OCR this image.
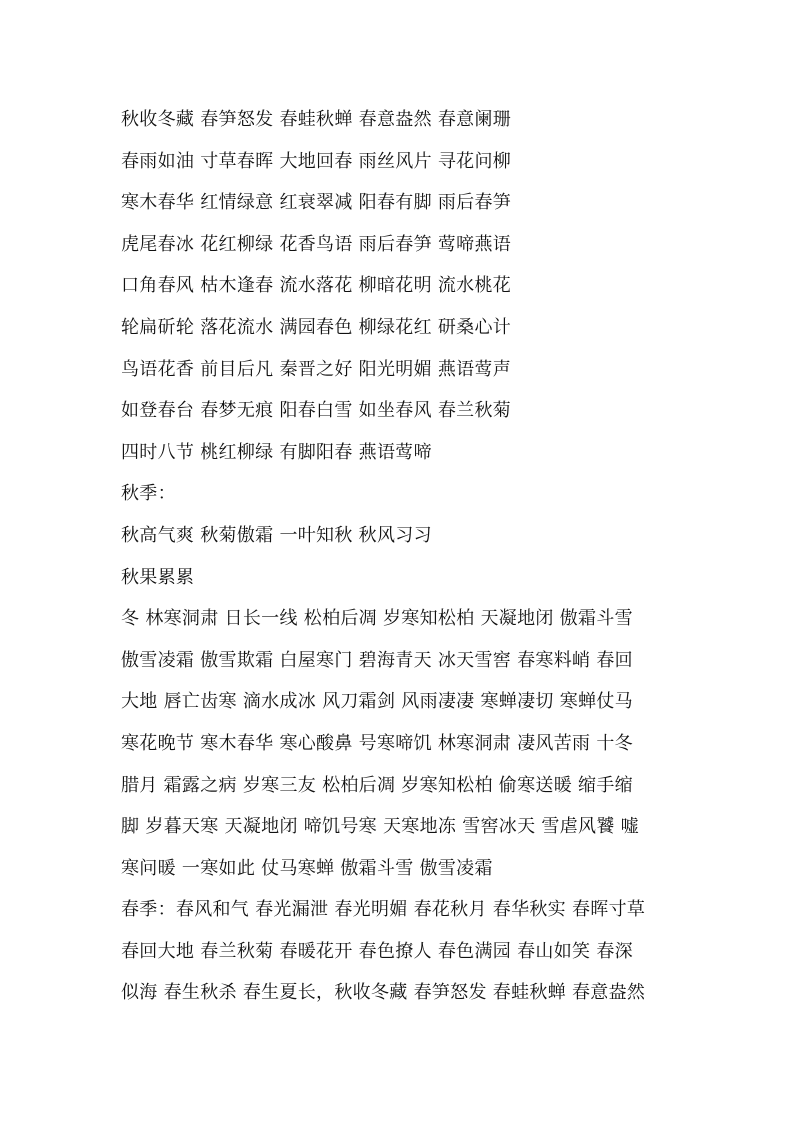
秋收冬藏 春笋怒发 春蛙秋蝉 春意盎然 春意阑珊
春雨如油 寸草春晖 大地回春 雨丝风片 寻花问柳
寒木春华 红情绿意 红衰翠减 阳春有脚 雨后春笋
虎尾春冰 花红柳绿 花香鸟语 雨后春笋 莺啼燕语
口角春风 枯木逢春 流水落花 柳暗花明 流水桃花
轮扁斫轮 落花流水 满园春色 柳绿花红 研桑心计
鸟语花香 前目后凡 秦晋之好 阳光明媚 燕语莺声
如登春台 春梦无痕 阳春白雪 如坐春风 春兰秋菊
四时八节 桃红柳绿 有脚阳春 燕语莺啼
秋季：
秋高气爽 秋菊傲霜 一叶知秋 秋风习习
秋果累累
冬 林寒洞肃 日长一线 松柏后凋 岁寒知松柏 天凝地闭 傲霜斗雪
傲雪凌霜 傲雪欺霜 白屋寒门 碧海青天 冰天雪窖 春寒料峭 春回
大地 唇亡齿寒 滴水成冰 风刀霜剑 风雨凄凄 寒蝉凄切 寒蝉仗马
寒花晚节 寒木春华 寒心酸鼻 号寒啼饥 林寒洞肃 凄风苦雨 十冬
腊月 霜露之病 岁寒三友 松柏后凋 岁寒知松柏 偷寒送暖 缩手缩
脚 岁暮天寒 天凝地闭 啼饥号寒 天寒地冻 雪窖冰天 雪虐风饕 嘘
寒问暖 一寒如此 仗马寒蝉 傲霜斗雪 傲雪凌霜
春季：春风和气 春光漏泄 春光明媚 春花秋月 春华秋实 春晖寸草
春回大地 春兰秋菊 春暖花开 春色撩人 春色满园 春山如笑 春深
似海 春生秋杀 春生夏长，秋收冬藏 春笋怒发 春蛙秋蝉 春意盎然
